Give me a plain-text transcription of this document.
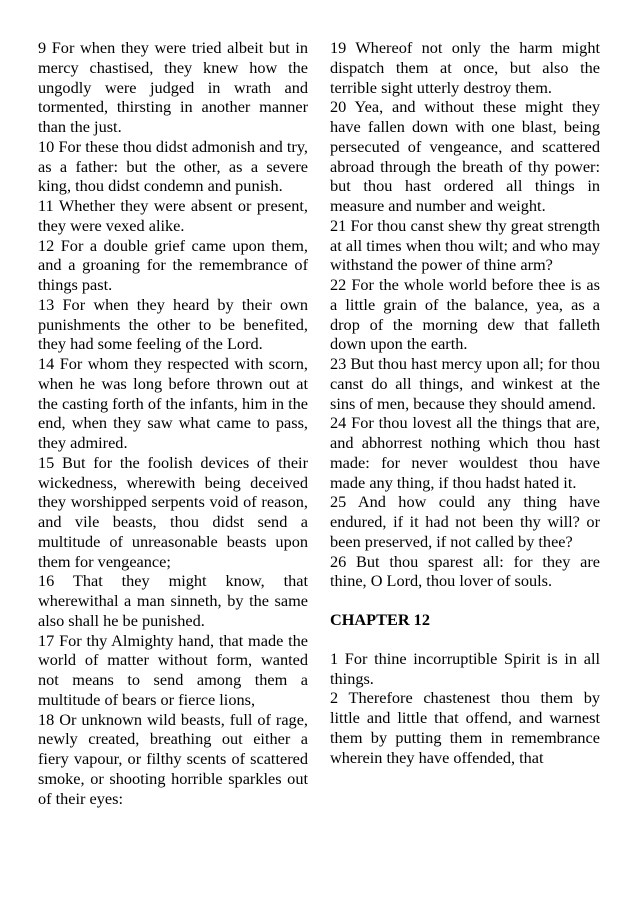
9 For when they were tried albeit but in mercy chastised, they knew how the ungodly were judged in wrath and tormented, thirsting in another manner than the just.

10 For these thou didst admonish and try, as a father: but the other, as a severe king, thou didst condemn and punish.

11 Whether they were absent or present, they were vexed alike.

12 For a double grief came upon them, and a groaning for the remembrance of things past.

13 For when they heard by their own punishments the other to be benefited, they had some feeling of the Lord.

14 For whom they respected with scorn, when he was long before thrown out at the casting forth of the infants, him in the end, when they saw what came to pass, they admired.

15 But for the foolish devices of their wickedness, wherewith being deceived they worshipped serpents void of reason, and vile beasts, thou didst send a multitude of unreasonable beasts upon them for vengeance;

16 That they might know, that wherewithal a man sinneth, by the same also shall he be punished.

17 For thy Almighty hand, that made the world of matter without form, wanted not means to send among them a multitude of bears or fierce lions,

18 Or unknown wild beasts, full of rage, newly created, breathing out either a fiery vapour, or filthy scents of scattered smoke, or shooting horrible sparkles out of their eyes:

19 Whereof not only the harm might dispatch them at once, but also the terrible sight utterly destroy them.

20 Yea, and without these might they have fallen down with one blast, being persecuted of vengeance, and scattered abroad through the breath of thy power: but thou hast ordered all things in measure and number and weight.

21 For thou canst shew thy great strength at all times when thou wilt; and who may withstand the power of thine arm?

22 For the whole world before thee is as a little grain of the balance, yea, as a drop of the morning dew that falleth down upon the earth.

23 But thou hast mercy upon all; for thou canst do all things, and winkest at the sins of men, because they should amend.

24 For thou lovest all the things that are, and abhorrest nothing which thou hast made: for never wouldest thou have made any thing, if thou hadst hated it.

25 And how could any thing have endured, if it had not been thy will? or been preserved, if not called by thee?

26 But thou sparest all: for they are thine, O Lord, thou lover of souls.

CHAPTER 12

1 For thine incorruptible Spirit is in all things.

2 Therefore chastenest thou them by little and little that offend, and warnest them by putting them in remembrance wherein they have offended, that
